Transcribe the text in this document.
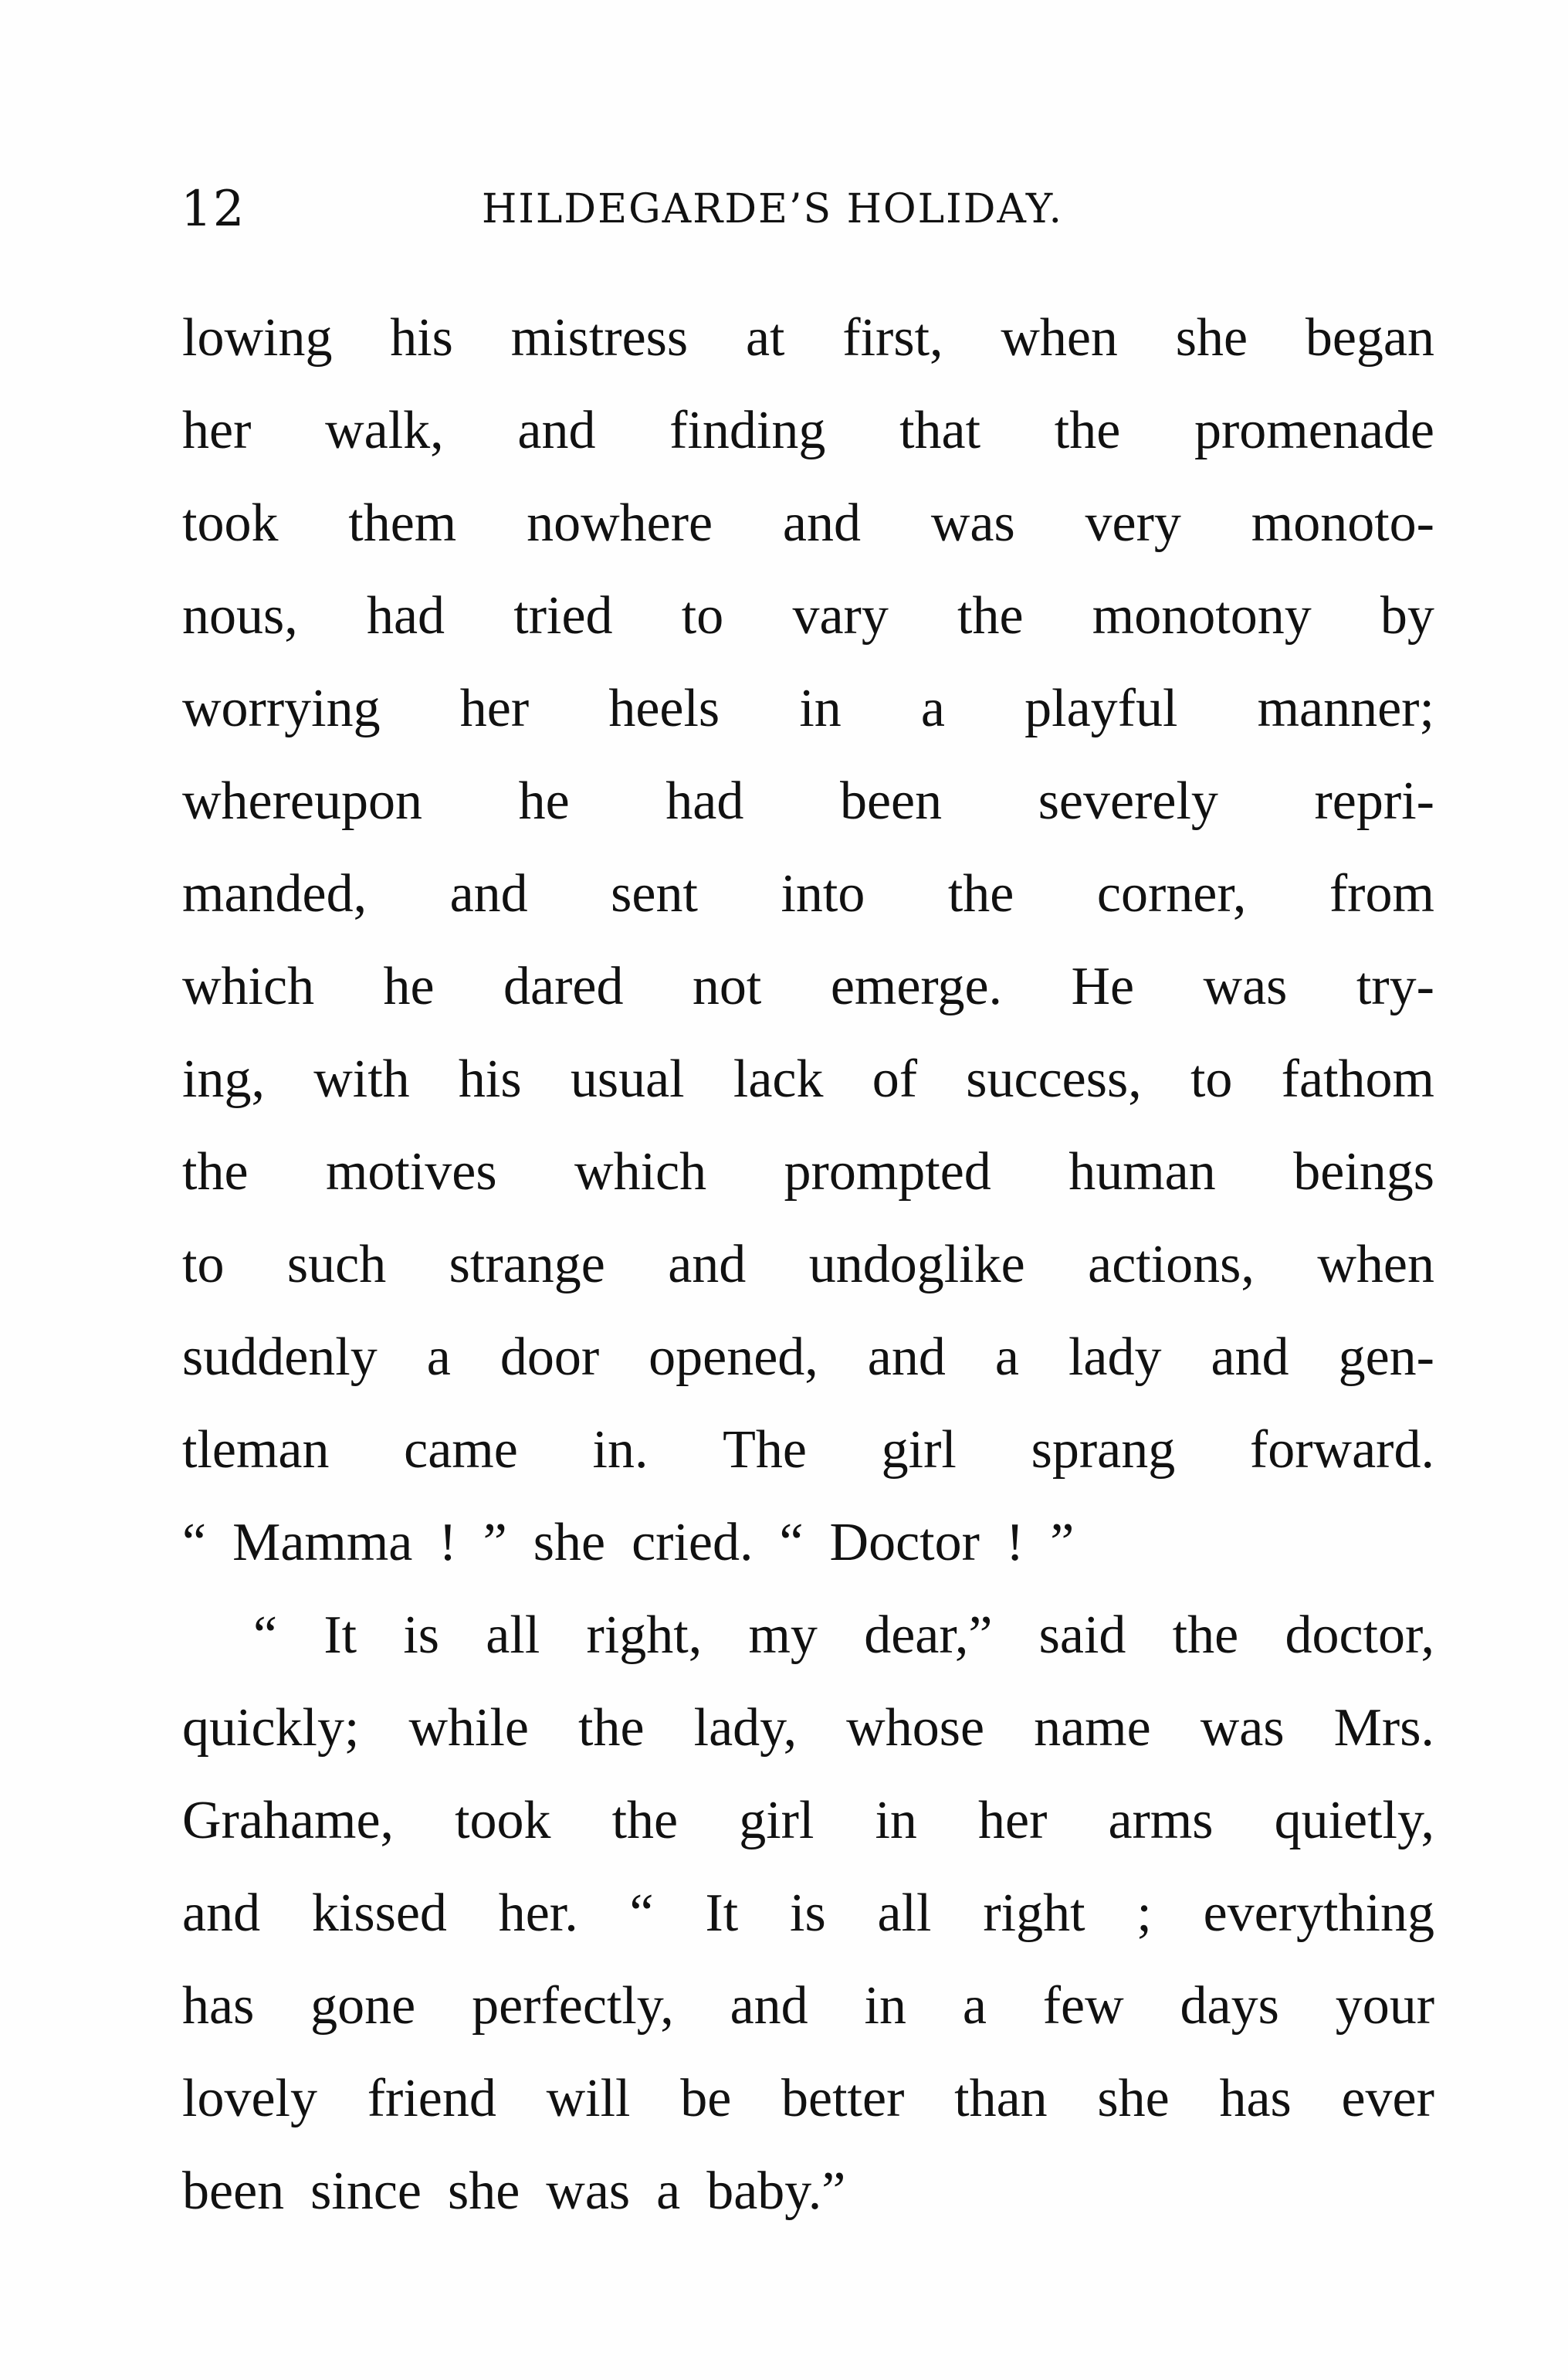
12	HILDEGARDE’S HOLIDAY.
lowing his mistress at first, when she began
her walk, and finding that the promenade
took them nowhere and was very monoto-
nous, had tried to vary the monotony by
worrying her heels in a playful manner;
whereupon he had been severely repri-
manded, and sent into the corner, from
which he dared not emerge. He was try-
ing, with his usual lack of success, to fathom
the motives which prompted human beings
to such strange and undoglike actions, when
suddenly a door opened, and a lady and gen-
tleman came in. The girl sprang forward.
“ Mamma ! ” she cried. “ Doctor ! ”
“ It is all right, my dear,” said the doctor,
quickly; while the lady, whose name was Mrs.
Grahame, took the girl in her arms quietly,
and kissed her. “ It is all right ; everything
has gone perfectly, and in a few days your
lovely friend will be better than she has ever
been since she was a baby.”
